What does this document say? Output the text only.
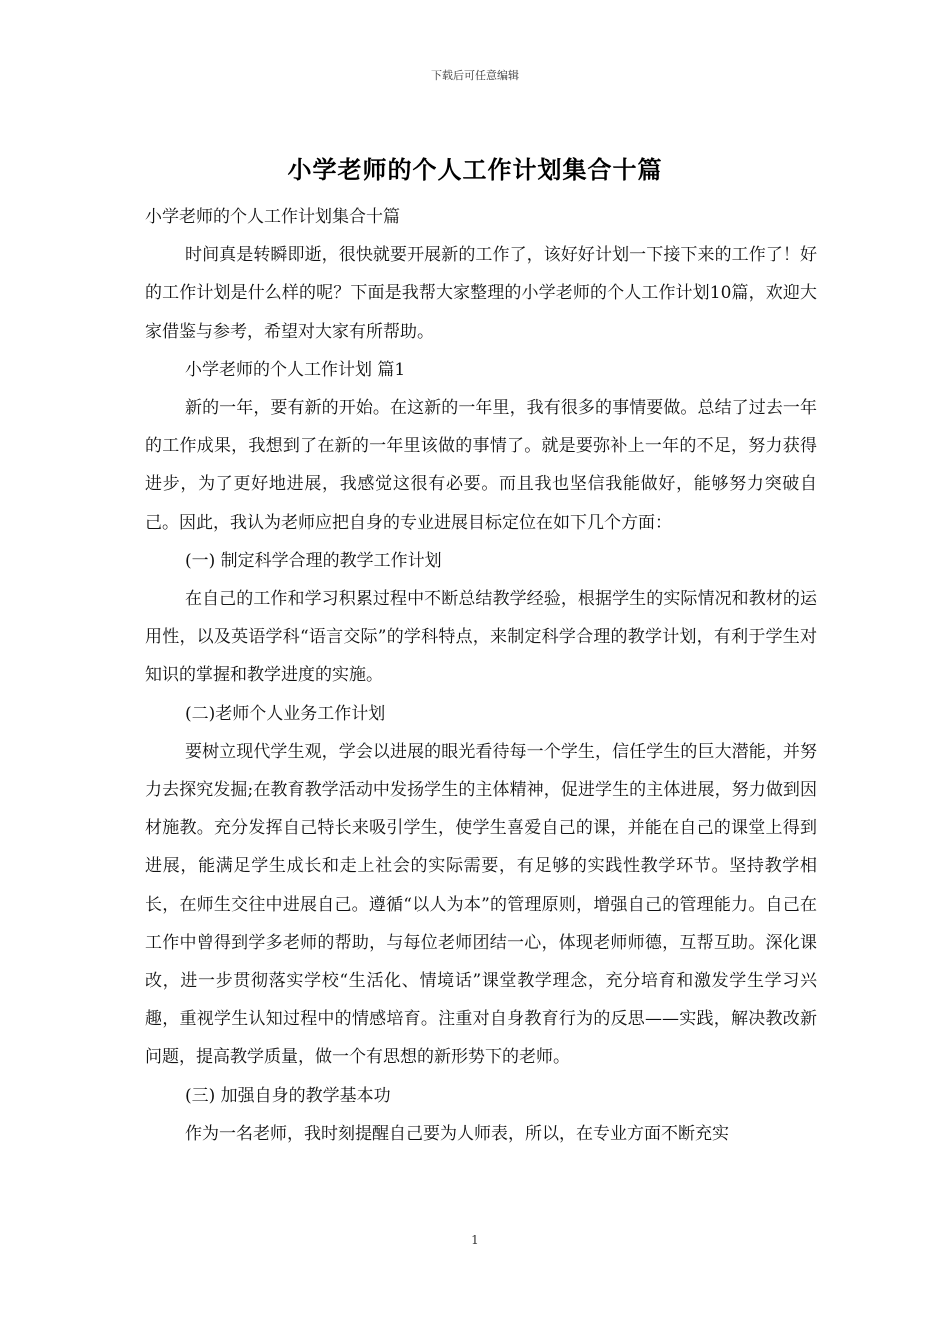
下载后可任意编辑
小学老师的个人工作计划集合十篇

小学老师的个人工作计划集合十篇

时间真是转瞬即逝，很快就要开展新的工作了，该好好计划一下接下来的工作了！好的工作计划是什么样的呢？下面是我帮大家整理的小学老师的个人工作计划10篇，欢迎大家借鉴与参考，希望对大家有所帮助。

小学老师的个人工作计划 篇1

新的一年，要有新的开始。在这新的一年里，我有很多的事情要做。总结了过去一年的工作成果，我想到了在新的一年里该做的事情了。就是要弥补上一年的不足，努力获得进步，为了更好地进展，我感觉这很有必要。而且我也坚信我能做好，能够努力突破自己。因此，我认为老师应把自身的专业进展目标定位在如下几个方面：

(一) 制定科学合理的教学工作计划

在自己的工作和学习积累过程中不断总结教学经验，根据学生的实际情况和教材的运用性，以及英语学科“语言交际”的学科特点，来制定科学合理的教学计划，有利于学生对知识的掌握和教学进度的实施。

(二)老师个人业务工作计划

要树立现代学生观，学会以进展的眼光看待每一个学生，信任学生的巨大潜能，并努力去探究发掘;在教育教学活动中发扬学生的主体精神，促进学生的主体进展，努力做到因材施教。充分发挥自己特长来吸引学生，使学生喜爱自己的课，并能在自己的课堂上得到进展，能满足学生成长和走上社会的实际需要，有足够的实践性教学环节。坚持教学相长，在师生交往中进展自己。遵循“以人为本”的管理原则，增强自己的管理能力。自己在工作中曾得到学多老师的帮助，与每位老师团结一心，体现老师师德，互帮互助。深化课改，进一步贯彻落实学校“生活化、情境话”课堂教学理念，充分培育和激发学生学习兴趣，重视学生认知过程中的情感培育。注重对自身教育行为的反思——实践，解决教改新问题，提高教学质量，做一个有思想的新形势下的老师。

(三) 加强自身的教学基本功

作为一名老师，我时刻提醒自己要为人师表，所以，在专业方面不断充实

1
